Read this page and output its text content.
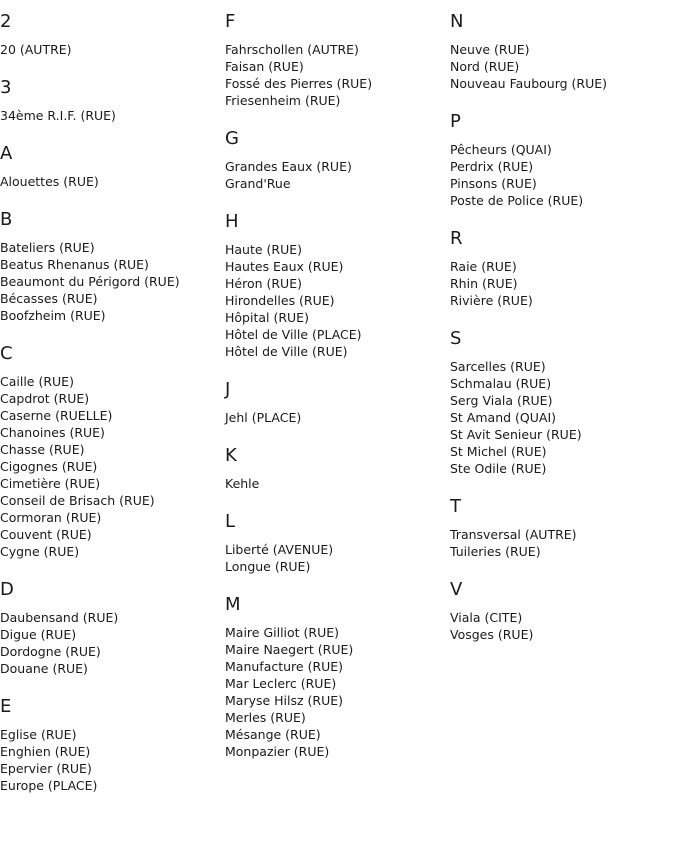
2
20 (AUTRE)
3
34ème R.I.F. (RUE)
A
Alouettes (RUE)
B
Bateliers (RUE)
Beatus Rhenanus (RUE)
Beaumont du Périgord (RUE)
Bécasses (RUE)
Boofzheim (RUE)
C
Caille (RUE)
Capdrot (RUE)
Caserne (RUELLE)
Chanoines (RUE)
Chasse (RUE)
Cigognes (RUE)
Cimetière (RUE)
Conseil de Brisach (RUE)
Cormoran (RUE)
Couvent (RUE)
Cygne (RUE)
D
Daubensand (RUE)
Digue (RUE)
Dordogne (RUE)
Douane (RUE)
E
Eglise (RUE)
Enghien (RUE)
Epervier (RUE)
Europe (PLACE)
F
Fahrschollen (AUTRE)
Faisan (RUE)
Fossé des Pierres (RUE)
Friesenheim (RUE)
G
Grandes Eaux (RUE)
Grand'Rue
H
Haute (RUE)
Hautes Eaux (RUE)
Héron (RUE)
Hirondelles (RUE)
Hôpital (RUE)
Hôtel de Ville (PLACE)
Hôtel de Ville (RUE)
J
Jehl (PLACE)
K
Kehle
L
Liberté (AVENUE)
Longue (RUE)
M
Maire Gilliot (RUE)
Maire Naegert (RUE)
Manufacture (RUE)
Mar Leclerc (RUE)
Maryse Hilsz (RUE)
Merles (RUE)
Mésange (RUE)
Monpazier (RUE)
N
Neuve (RUE)
Nord (RUE)
Nouveau Faubourg (RUE)
P
Pêcheurs (QUAI)
Perdrix (RUE)
Pinsons (RUE)
Poste de Police (RUE)
R
Raie (RUE)
Rhin (RUE)
Rivière (RUE)
S
Sarcelles (RUE)
Schmalau (RUE)
Serg Viala (RUE)
St Amand (QUAI)
St Avit Senieur (RUE)
St Michel (RUE)
Ste Odile (RUE)
T
Transversal (AUTRE)
Tuileries (RUE)
V
Viala (CITE)
Vosges (RUE)
